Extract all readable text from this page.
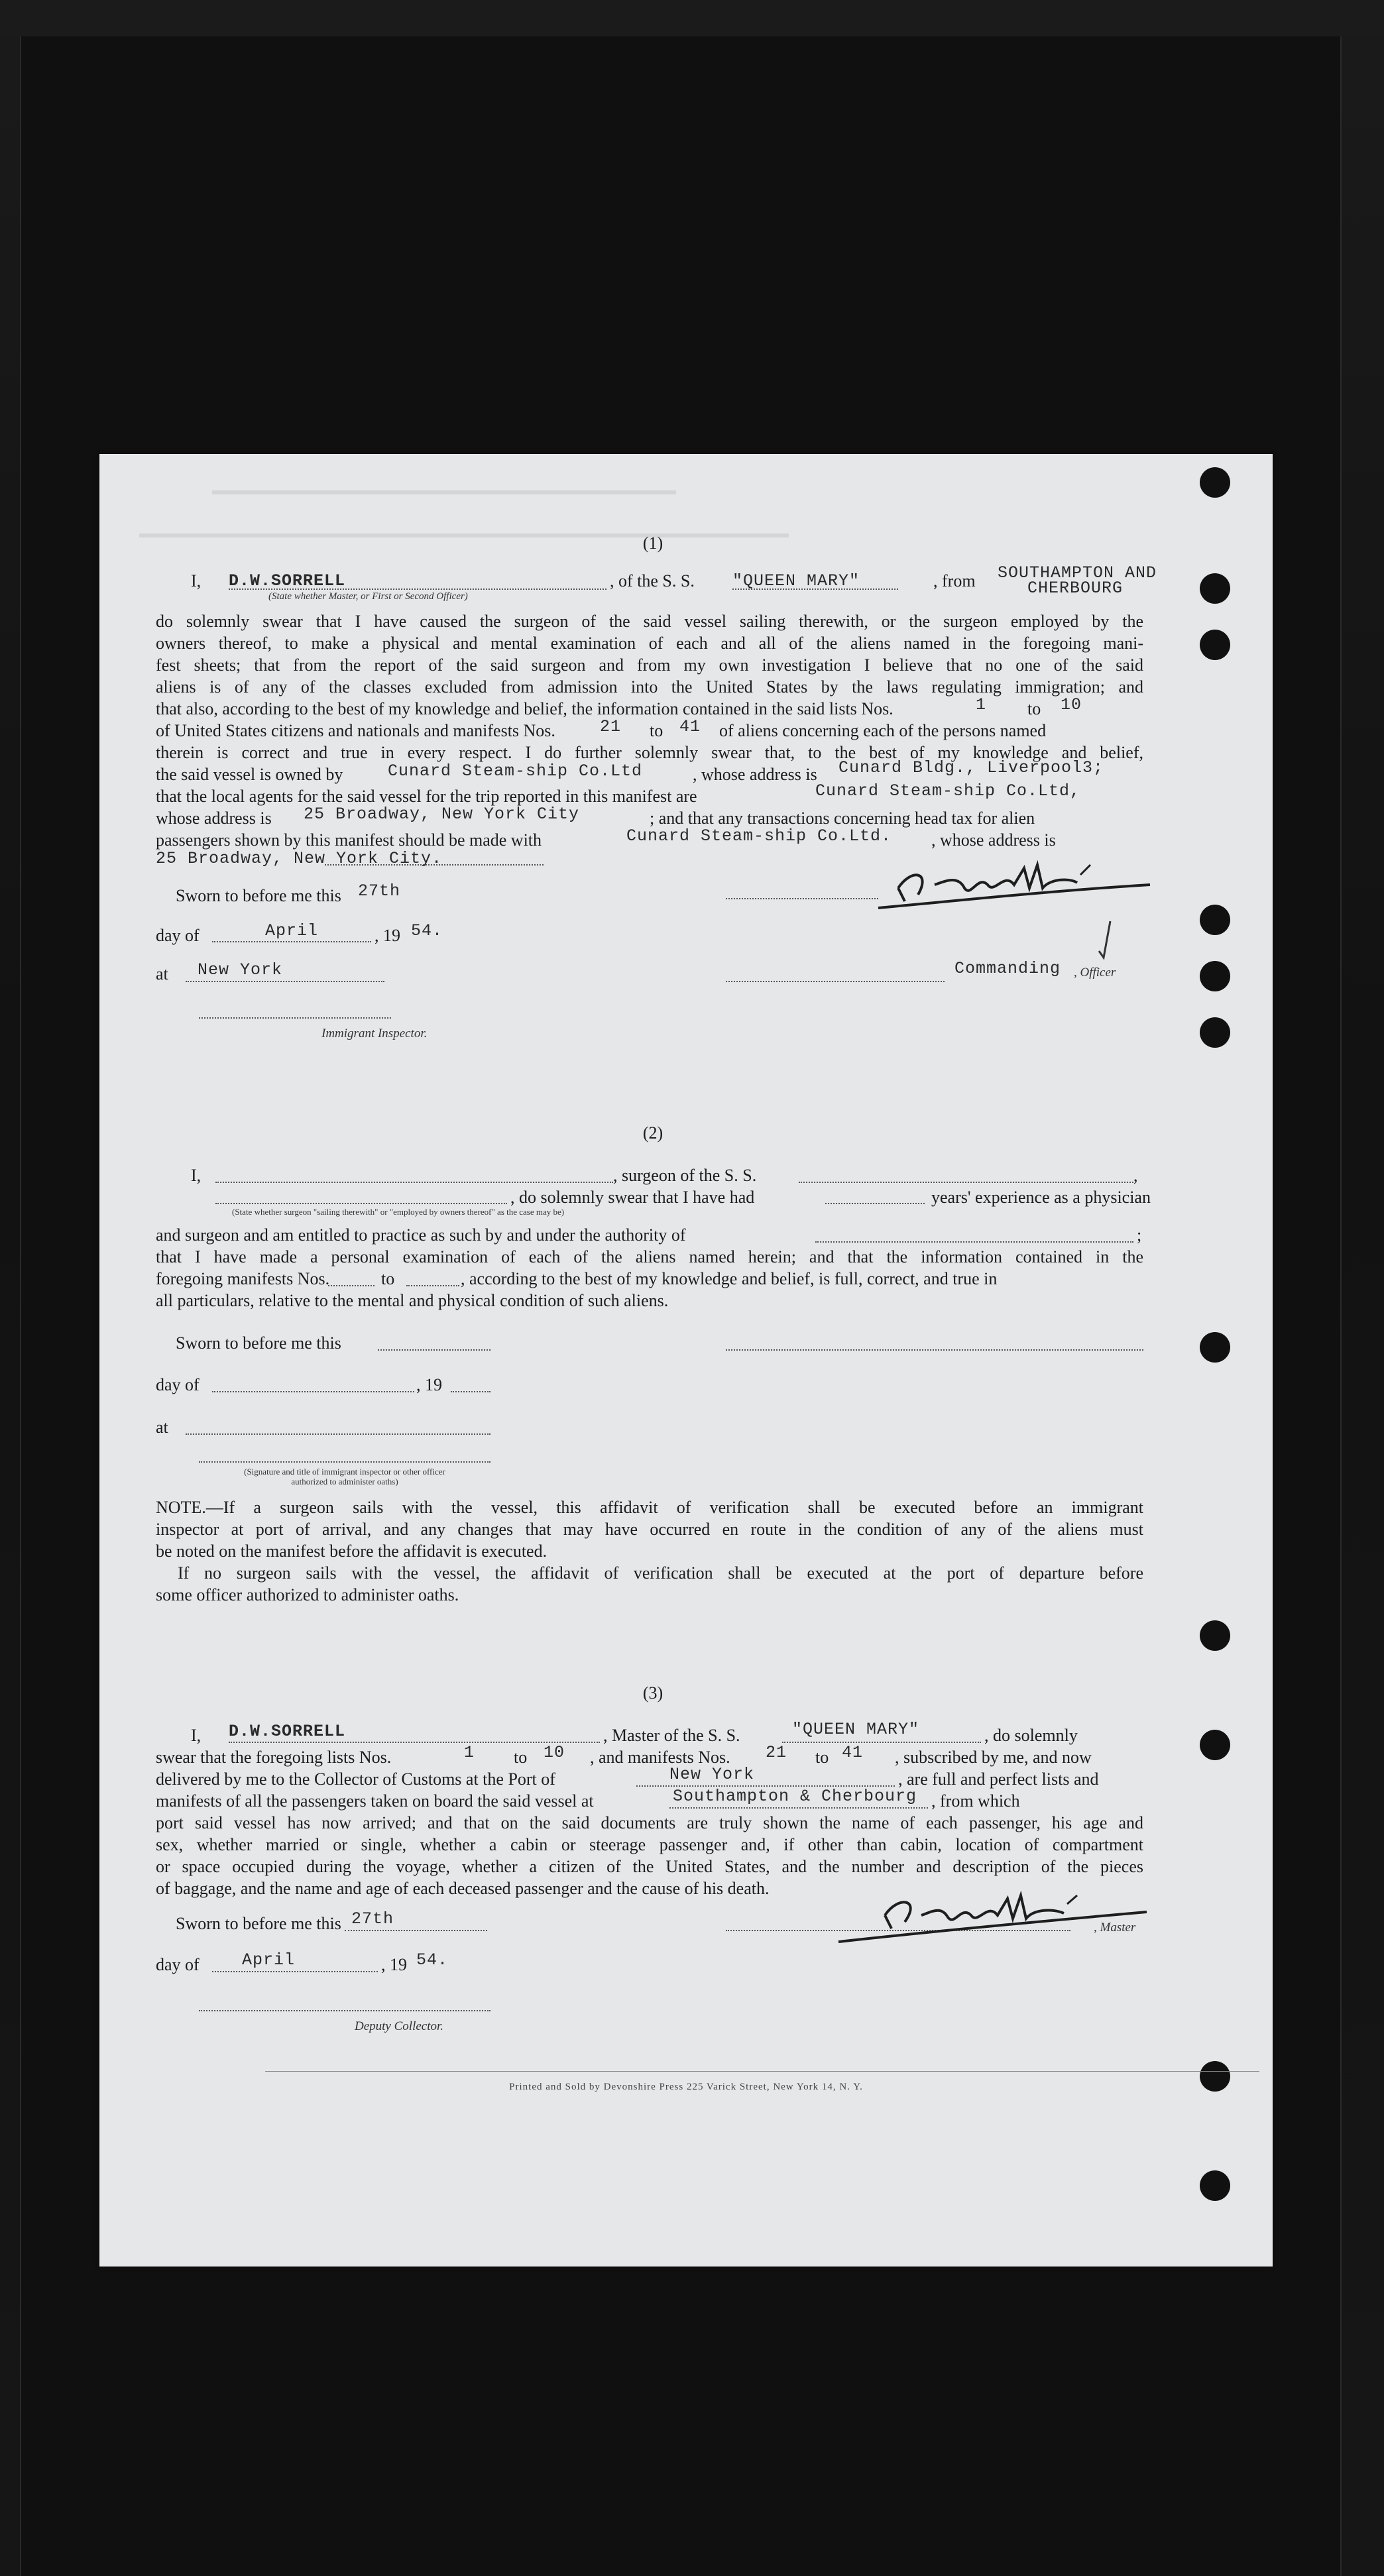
(1)
I, D.W.SORRELL
(State whether Master, or First or Second Officer)
, of the S. S. "QUEEN MARY"	, from SOUTHAMPTON AND
CHERBOURG
do solemnly swear that I have caused the surgeon of the said vessel sailing therewith, or the surgeon employed by the
owners thereof, to make a physical and mental examination of each and all of the aliens named in the foregoing mani-
fest sheets; that from the report of the said surgeon and from my own investigation I believe that no one of the said
aliens is of any of the classes excluded from admission into the United States by the laws regulating immigration; and
that also, according to the best of my knowledge and belief, the information contained in the said lists Nos.	1 to 10
of United States citizens and nationals and manifests Nos.	21 to 41 of aliens concerning each of the persons named
therein is correct and true in every respect. I do further solemnly swear that, to the best of my knowledge and belief,
the said vessel is owned by	Cunard Steam-ship Co.Ltd	, whose address is Cunard Bldg., Liverpool3;
that the local agents for the said vessel for the trip reported in this manifest are	Cunard Steam-ship Co.Ltd,
whose address is 25 Broadway, New York City	; and that any transactions concerning head tax for alien
passengers shown by this manifest should be made with	Cunard Steam-ship Co.Ltd. , whose address is
25 Broadway, New York City.
Sworn to before me this 27th
day of	April	, 19 54.
at New York	Commanding , Officer
Immigrant Inspector.
(2)
I,	, surgeon of the S. S.	,
, do solemnly swear that I have had	years' experience as a physician
(State whether surgeon "sailing therewith" or "employed by owners thereof" as the case may be)
and surgeon and am entitled to practice as such by and under the authority of	;
that I have made a personal examination of each of the aliens named herein; and that the information contained in the
foregoing manifests Nos.	to	, according to the best of my knowledge and belief, is full, correct, and true in
all particulars, relative to the mental and physical condition of such aliens.
Sworn to before me this
day of	, 19
at
(Signature and title of immigrant inspector or other officer authorized to administer oaths)
NOTE.—If a surgeon sails with the vessel, this affidavit of verification shall be executed before an immigrant
inspector at port of arrival, and any changes that may have occurred en route in the condition of any of the aliens must
be noted on the manifest before the affidavit is executed.
If no surgeon sails with the vessel, the affidavit of verification shall be executed at the port of departure before
some officer authorized to administer oaths.
(3)
I, D.W.SORRELL	, Master of the S. S.	"QUEEN MARY"	, do solemnly
swear that the foregoing lists Nos.	1 to 10 , and manifests Nos. 21 to 41 , subscribed by me, and now
delivered by me to the Collector of Customs at the Port of	New York	, are full and perfect lists and
manifests of all the passengers taken on board the said vessel at	Southampton & Cherbourg , from which
port said vessel has now arrived; and that on the said documents are truly shown the name of each passenger, his age and
sex, whether married or single, whether a cabin or steerage passenger and, if other than cabin, location of compartment
or space occupied during the voyage, whether a citizen of the United States, and the number and description of the pieces
of baggage, and the name and age of each deceased passenger and the cause of his death.
Sworn to before me this 27th	, Master
day of	April	, 19 54.
Deputy Collector.
Printed and Sold by Devonshire Press 225 Varick Street, New York 14, N. Y.
